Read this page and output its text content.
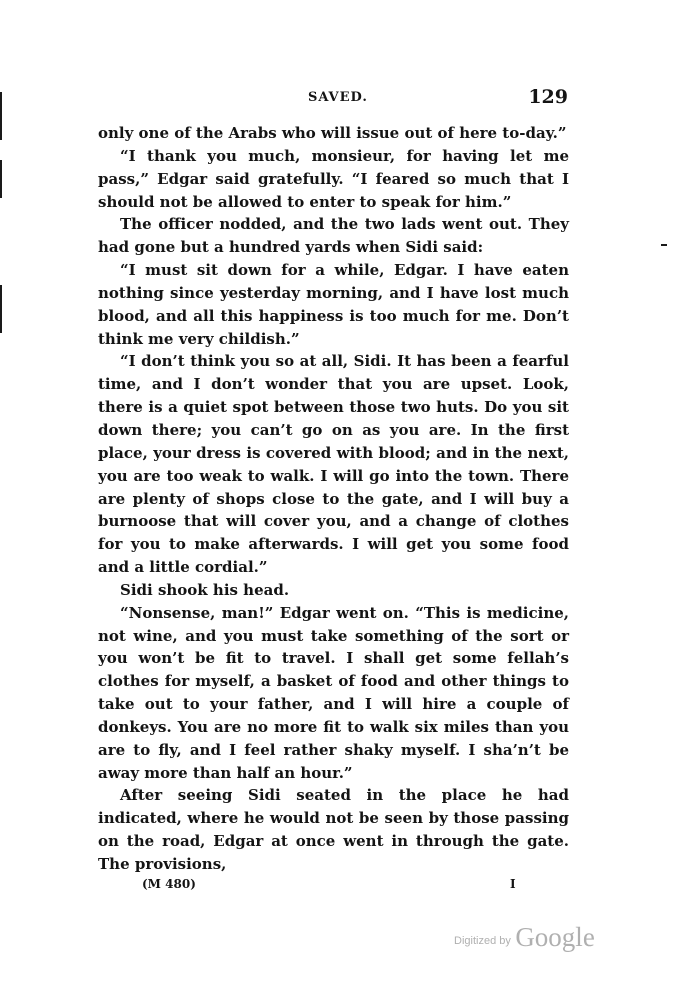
SAVED.	129

only one of the Arabs who will issue out of here to-day.”

“I thank you much, monsieur, for having let me pass,” Edgar said gratefully. “I feared so much that I should not be allowed to enter to speak for him.”

The officer nodded, and the two lads went out. They had gone but a hundred yards when Sidi said:

“I must sit down for a while, Edgar. I have eaten nothing since yesterday morning, and I have lost much blood, and all this happiness is too much for me. Don’t think me very childish.”

“I don’t think you so at all, Sidi. It has been a fearful time, and I don’t wonder that you are upset. Look, there is a quiet spot between those two huts. Do you sit down there; you can’t go on as you are. In the first place, your dress is covered with blood; and in the next, you are too weak to walk. I will go into the town. There are plenty of shops close to the gate, and I will buy a burnoose that will cover you, and a change of clothes for you to make afterwards. I will get you some food and a little cordial.”

Sidi shook his head.

“Nonsense, man!” Edgar went on. “This is medicine, not wine, and you must take something of the sort or you won’t be fit to travel. I shall get some fellah’s clothes for myself, a basket of food and other things to take out to your father, and I will hire a couple of donkeys. You are no more fit to walk six miles than you are to fly, and I feel rather shaky myself. I sha’n’t be away more than half an hour.”

After seeing Sidi seated in the place he had indicated, where he would not be seen by those passing on the road, Edgar at once went in through the gate. The provisions,

(M 480)	I
Digitized by Google
